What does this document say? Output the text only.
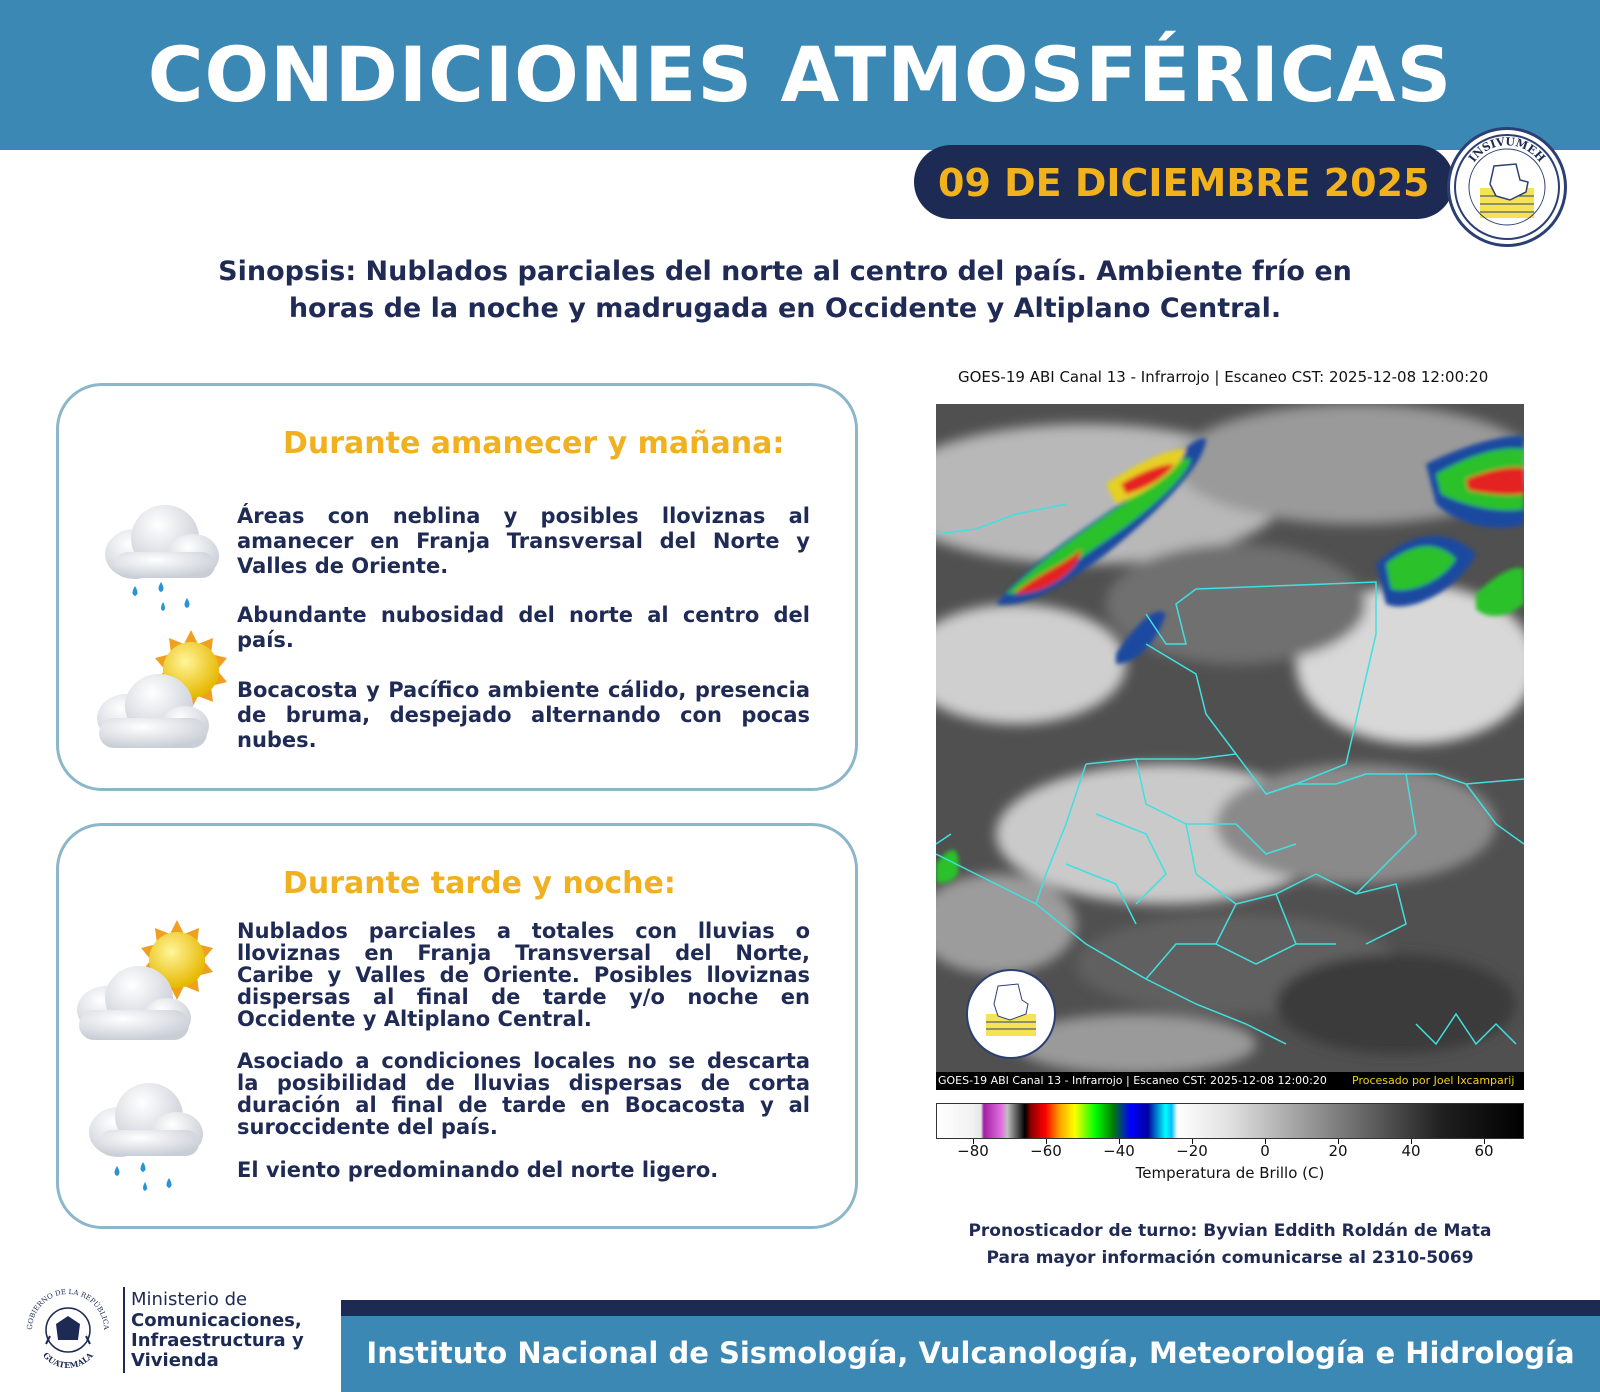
CONDICIONES ATMOSFÉRICAS
09 DE DICIEMBRE 2025
INSIVUMEH
Sinopsis: Nublados parciales del norte al centro del país. Ambiente frío en
horas de la noche y madrugada en Occidente y Altiplano Central.
Durante amanecer y mañana:
Áreas con neblina y posibles lloviznas al amanecer en Franja Transversal del Norte y Valles de Oriente.
Abundante nubosidad del norte al centro del país.
Bocacosta y Pacífico ambiente cálido, presencia de bruma, despejado alternando con pocas nubes.
Durante tarde y noche:
Nublados parciales a totales con lluvias o lloviznas en Franja Transversal del Norte, Caribe y Valles de Oriente. Posibles lloviznas dispersas al final de tarde y/o noche en Occidente y Altiplano Central.
Asociado a condiciones locales no se descarta la posibilidad de lluvias dispersas de corta duración al final de tarde en Bocacosta y al suroccidente del país.
El viento predominando del norte ligero.
GOES-19 ABI Canal 13 - Infrarrojo | Escaneo CST: 2025-12-08 12:00:20
GOES-19 ABI Canal 13 - Infrarrojo | Escaneo CST: 2025-12-08 12:00:20 Procesado por Joel Ixcamparij
−80	−60	−40	−20	0	20	40	60
Temperatura de Brillo (C)
Pronosticador de turno: Byvian Eddith Roldán de Mata
Para mayor información comunicarse al 2310-5069
GOBIERNO DE LA REPÚBLICA
GUATEMALA
Ministerio de
Comunicaciones,
Infraestructura y
Vivienda	Instituto Nacional de Sismología, Vulcanología, Meteorología e Hidrología
